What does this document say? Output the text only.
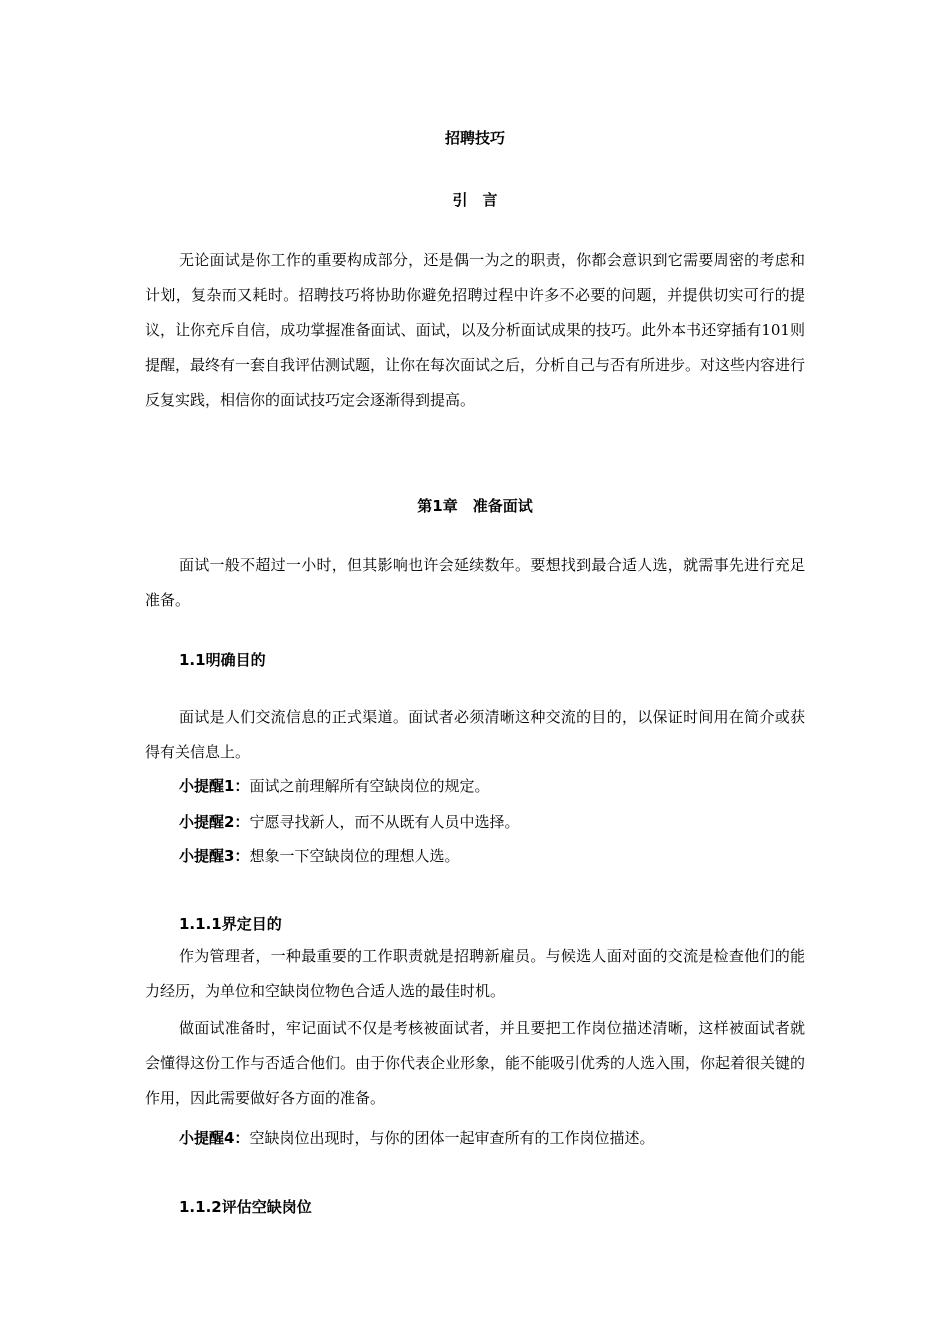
招聘技巧

引　言

无论面试是你工作的重要构成部分，还是偶一为之的职责，你都会意识到它需要周密的考虑和计划，复杂而又耗时。招聘技巧将协助你避免招聘过程中许多不必要的问题，并提供切实可行的提议，让你充斥自信，成功掌握准备面试、面试，以及分析面试成果的技巧。此外本书还穿插有101则提醒，最终有一套自我评估测试题，让你在每次面试之后，分析自己与否有所进步。对这些内容进行反复实践，相信你的面试技巧定会逐渐得到提高。

第1章　准备面试

面试一般不超过一小时，但其影响也许会延续数年。要想找到最合适人选，就需事先进行充足准备。

1.1明确目的

面试是人们交流信息的正式渠道。面试者必须清晰这种交流的目的，以保证时间用在简介或获得有关信息上。

小提醒1：面试之前理解所有空缺岗位的规定。

小提醒2：宁愿寻找新人，而不从既有人员中选择。

小提醒3：想象一下空缺岗位的理想人选。

1.1.1界定目的

作为管理者，一种最重要的工作职责就是招聘新雇员。与候选人面对面的交流是检查他们的能力经历，为单位和空缺岗位物色合适人选的最佳时机。

做面试准备时，牢记面试不仅是考核被面试者，并且要把工作岗位描述清晰，这样被面试者就会懂得这份工作与否适合他们。由于你代表企业形象，能不能吸引优秀的人选入围，你起着很关键的作用，因此需要做好各方面的准备。

小提醒4：空缺岗位出现时，与你的团体一起审查所有的工作岗位描述。

1.1.2评估空缺岗位
